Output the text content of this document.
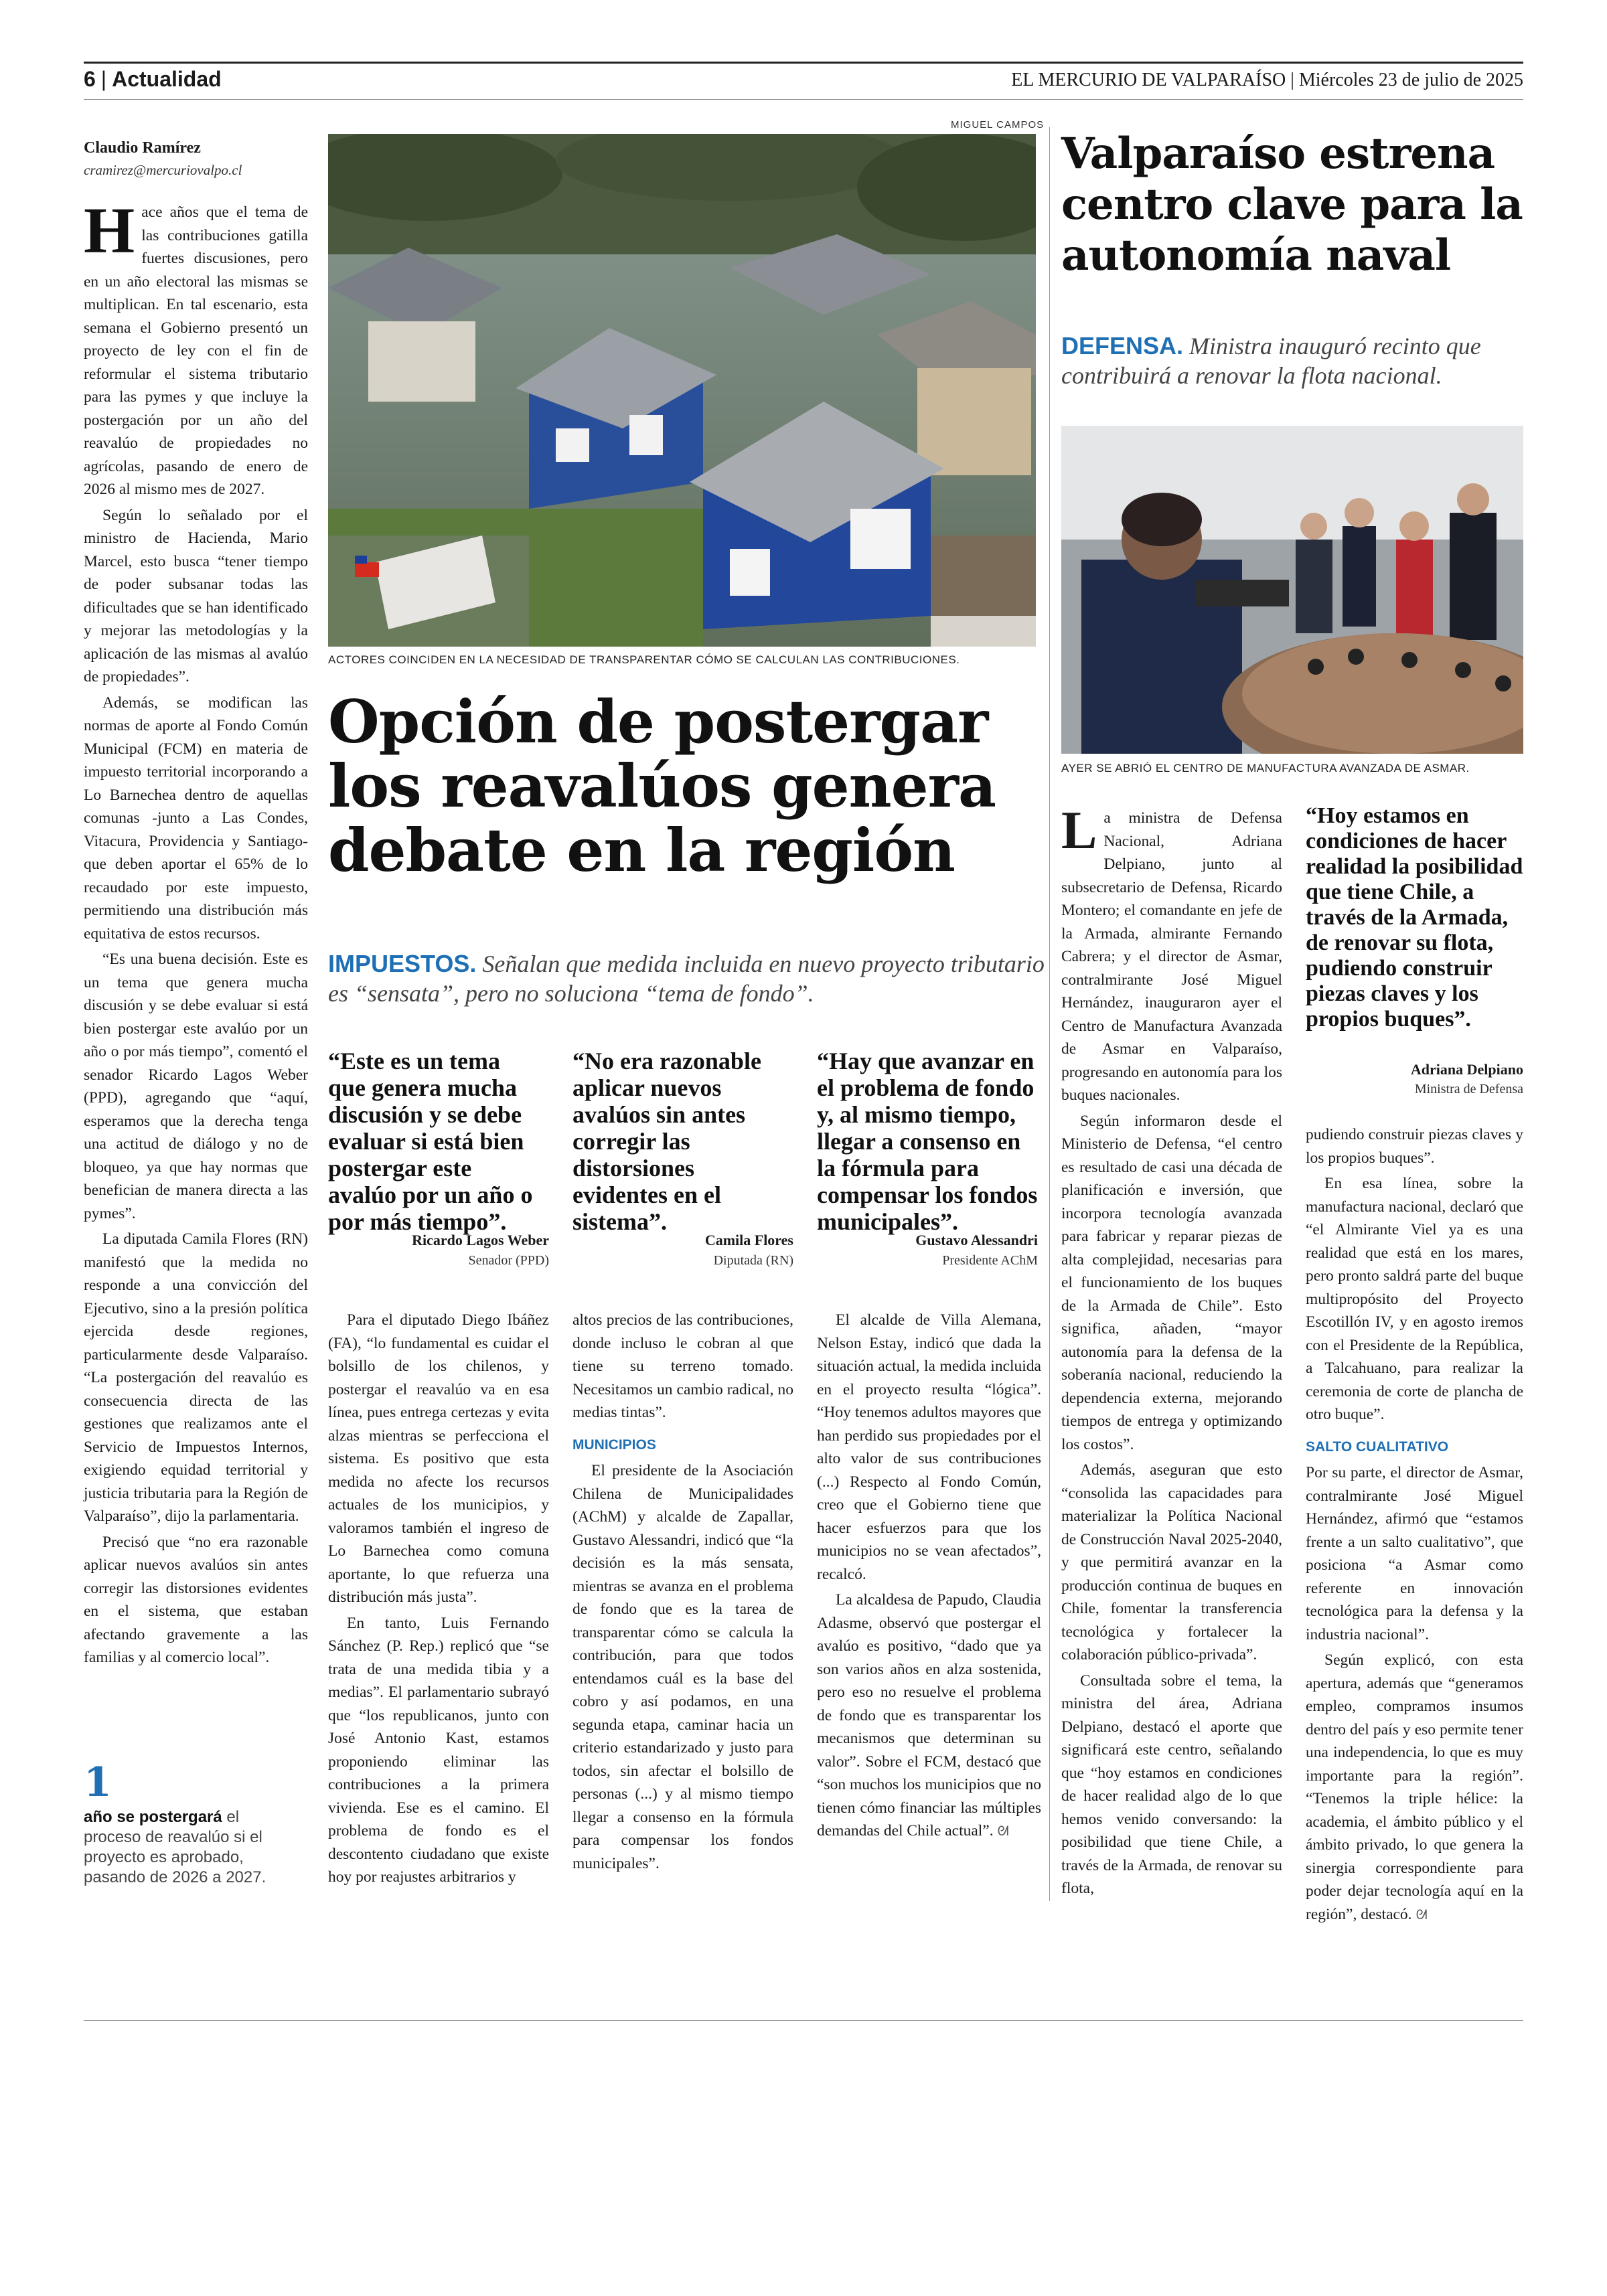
6 | Actualidad	EL MERCURIO DE VALPARAÍSO | Miércoles 23 de julio de 2025
Claudio Ramírez
cramirez@mercuriovalpo.cl

Hace años que el tema de las contribuciones gatilla fuertes discusiones, pero en un año electoral las mismas se multiplican. En tal escenario, esta semana el Gobierno presentó un proyecto de ley con el fin de reformular el sistema tributario para las pymes y que incluye la postergación por un año del reavalúo de propiedades no agrícolas, pasando de enero de 2026 al mismo mes de 2027.

Según lo señalado por el ministro de Hacienda, Mario Marcel, esto busca “tener tiempo de poder subsanar todas las dificultades que se han identificado y mejorar las metodologías y la aplicación de las mismas al avalúo de propiedades”.

Además, se modifican las normas de aporte al Fondo Común Municipal (FCM) en materia de impuesto territorial incorporando a Lo Barnechea dentro de aquellas comunas -junto a Las Condes, Vitacura, Providencia y Santiago- que deben aportar el 65% de lo recaudado por este impuesto, permitiendo una distribución más equitativa de estos recursos.

“Es una buena decisión. Este es un tema que genera mucha discusión y se debe evaluar si está bien postergar este avalúo por un año o por más tiempo”, comentó el senador Ricardo Lagos Weber (PPD), agregando que “aquí, esperamos que la derecha tenga una actitud de diálogo y no de bloqueo, ya que hay normas que benefician de manera directa a las pymes”.

La diputada Camila Flores (RN) manifestó que la medida no responde a una convicción del Ejecutivo, sino a la presión política ejercida desde regiones, particularmente desde Valparaíso. “La postergación del reavalúo es consecuencia directa de las gestiones que realizamos ante el Servicio de Impuestos Internos, exigiendo equidad territorial y justicia tributaria para la Región de Valparaíso”, dijo la parlamentaria.

Precisó que “no era razonable aplicar nuevos avalúos sin antes corregir las distorsiones evidentes en el sistema, que estaban afectando gravemente a las familias y al comercio local”.

1
año se postergará el proceso de reavalúo si el proyecto es aprobado, pasando de 2026 a 2027.
MIGUEL CAMPOS
ACTORES COINCIDEN EN LA NECESIDAD DE TRANSPARENTAR CÓMO SE CALCULAN LAS CONTRIBUCIONES.
Opción de postergar los reavalúos genera debate en la región
IMPUESTOS. Señalan que medida incluida en nuevo proyecto tributario es “sensata”, pero no soluciona “tema de fondo”.
“Este es un tema que genera mucha discusión y se debe evaluar si está bien postergar este avalúo por un año o por más tiempo”.
Ricardo Lagos Weber
Senador (PPD)
“No era razonable aplicar nuevos avalúos sin antes corregir las distorsiones evidentes en el sistema”.
Camila Flores
Diputada (RN)
“Hay que avanzar en el problema de fondo y, al mismo tiempo, llegar a consenso en la fórmula para compensar los fondos municipales”.
Gustavo Alessandri
Presidente AChM

Para el diputado Diego Ibáñez (FA), “lo fundamental es cuidar el bolsillo de los chilenos, y postergar el reavalúo va en esa línea, pues entrega certezas y evita alzas mientras se perfecciona el sistema. Es positivo que esta medida no afecte los recursos actuales de los municipios, y valoramos también el ingreso de Lo Barnechea como comuna aportante, lo que refuerza una distribución más justa”.

En tanto, Luis Fernando Sánchez (P. Rep.) replicó que “se trata de una medida tibia y a medias”. El parlamentario subrayó que “los republicanos, junto con José Antonio Kast, estamos proponiendo eliminar las contribuciones a la primera vivienda. Ese es el camino. El problema de fondo es el descontento ciudadano que existe hoy por reajustes arbitrarios y

altos precios de las contribuciones, donde incluso le cobran al que tiene su terreno tomado. Necesitamos un cambio radical, no medias tintas”.

MUNICIPIOS

El presidente de la Asociación Chilena de Municipalidades (AChM) y alcalde de Zapallar, Gustavo Alessandri, indicó que “la decisión es la más sensata, mientras se avanza en el problema de fondo que es la tarea de transparentar cómo se calcula la contribución, para que todos entendamos cuál es la base del cobro y así podamos, en una segunda etapa, caminar hacia un criterio estandarizado y justo para todos, sin afectar el bolsillo de personas (...) y al mismo tiempo llegar a consenso en la fórmula para compensar los fondos municipales”.

El alcalde de Villa Alemana, Nelson Estay, indicó que dada la situación actual, la medida incluida en el proyecto resulta “lógica”. “Hoy tenemos adultos mayores que han perdido sus propiedades por el alto valor de sus contribuciones (...) Respecto al Fondo Común, creo que el Gobierno tiene que hacer esfuerzos para que los municipios no se vean afectados”, recalcó.

La alcaldesa de Papudo, Claudia Adasme, observó que postergar el avalúo es positivo, “dado que ya son varios años en alza sostenida, pero eso no resuelve el problema de fondo que es transparentar los mecanismos que determinan su valor”. Sobre el FCM, destacó que “son muchos los municipios que no tienen cómo financiar las múltiples demandas del Chile actual”. ᘛ

Valparaíso estrena centro clave para la autonomía naval
DEFENSA. Ministra inauguró recinto que contribuirá a renovar la flota nacional.
AYER SE ABRIÓ EL CENTRO DE MANUFACTURA AVANZADA DE ASMAR.

La ministra de Defensa Nacional, Adriana Delpiano, junto al subsecretario de Defensa, Ricardo Montero; el comandante en jefe de la Armada, almirante Fernando Cabrera; y el director de Asmar, contralmirante José Miguel Hernández, inauguraron ayer el Centro de Manufactura Avanzada de Asmar en Valparaíso, progresando en autonomía para los buques nacionales.

Según informaron desde el Ministerio de Defensa, “el centro es resultado de casi una década de planificación e inversión, que incorpora tecnología avanzada para fabricar y reparar piezas de alta complejidad, necesarias para el funcionamiento de los buques de la Armada de Chile”. Esto significa, añaden, “mayor autonomía para la defensa de la soberanía nacional, reduciendo la dependencia externa, mejorando tiempos de entrega y optimizando los costos”.

Además, aseguran que esto “consolida las capacidades para materializar la Política Nacional de Construcción Naval 2025-2040, y que permitirá avanzar en la producción continua de buques en Chile, fomentar la transferencia tecnológica y fortalecer la colaboración público-privada”.

Consultada sobre el tema, la ministra del área, Adriana Delpiano, destacó el aporte que significará este centro, señalando que “hoy estamos en condiciones de hacer realidad algo de lo que hemos venido conversando: la posibilidad que tiene Chile, a través de la Armada, de renovar su flota,

“Hoy estamos en condiciones de hacer realidad la posibilidad que tiene Chile, a través de la Armada, de renovar su flota, pudiendo construir piezas claves y los propios buques”.
Adriana Delpiano
Ministra de Defensa

pudiendo construir piezas claves y los propios buques”.

En esa línea, sobre la manufactura nacional, declaró que “el Almirante Viel ya es una realidad que está en los mares, pero pronto saldrá parte del buque multipropósito del Proyecto Escotillón IV, y en agosto iremos con el Presidente de la República, a Talcahuano, para realizar la ceremonia de corte de plancha de otro buque”.

SALTO CUALITATIVO

Por su parte, el director de Asmar, contralmirante José Miguel Hernández, afirmó que “estamos frente a un salto cualitativo”, que posiciona “a Asmar como referente en innovación tecnológica para la defensa y la industria nacional”.

Según explicó, con esta apertura, además que “generamos empleo, compramos insumos dentro del país y eso permite tener una independencia, lo que es muy importante para la región”. “Tenemos la triple hélice: la academia, el ámbito público y el ámbito privado, lo que genera la sinergia correspondiente para poder dejar tecnología aquí en la región”, destacó. ᘛ
